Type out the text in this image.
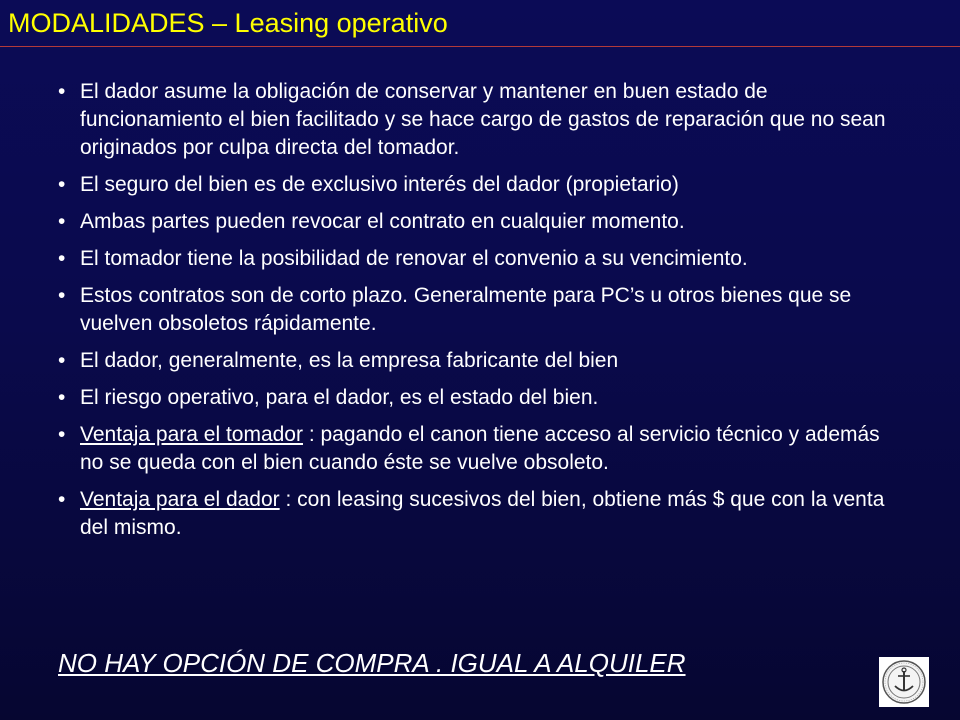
MODALIDADES – Leasing operativo
• El dador asume la obligación de conservar y mantener en buen estado de funcionamiento el bien facilitado y se hace cargo de gastos de reparación que no sean originados por culpa directa del tomador.
• El seguro del bien es de exclusivo interés del dador (propietario)
• Ambas partes pueden revocar el contrato en cualquier momento.
• El tomador tiene la posibilidad de renovar el convenio a su vencimiento.
• Estos contratos son de corto plazo. Generalmente para PC’s u otros bienes que se vuelven obsoletos rápidamente.
• El dador, generalmente, es la empresa fabricante del bien
• El riesgo operativo, para el dador, es el estado del bien.
• Ventaja para el tomador : pagando el canon tiene acceso al servicio técnico y además no se queda con el bien cuando éste se vuelve obsoleto.
• Ventaja para el dador : con leasing sucesivos del bien, obtiene más $ que con la venta del mismo.
NO HAY OPCIÓN DE COMPRA . IGUAL A ALQUILER
